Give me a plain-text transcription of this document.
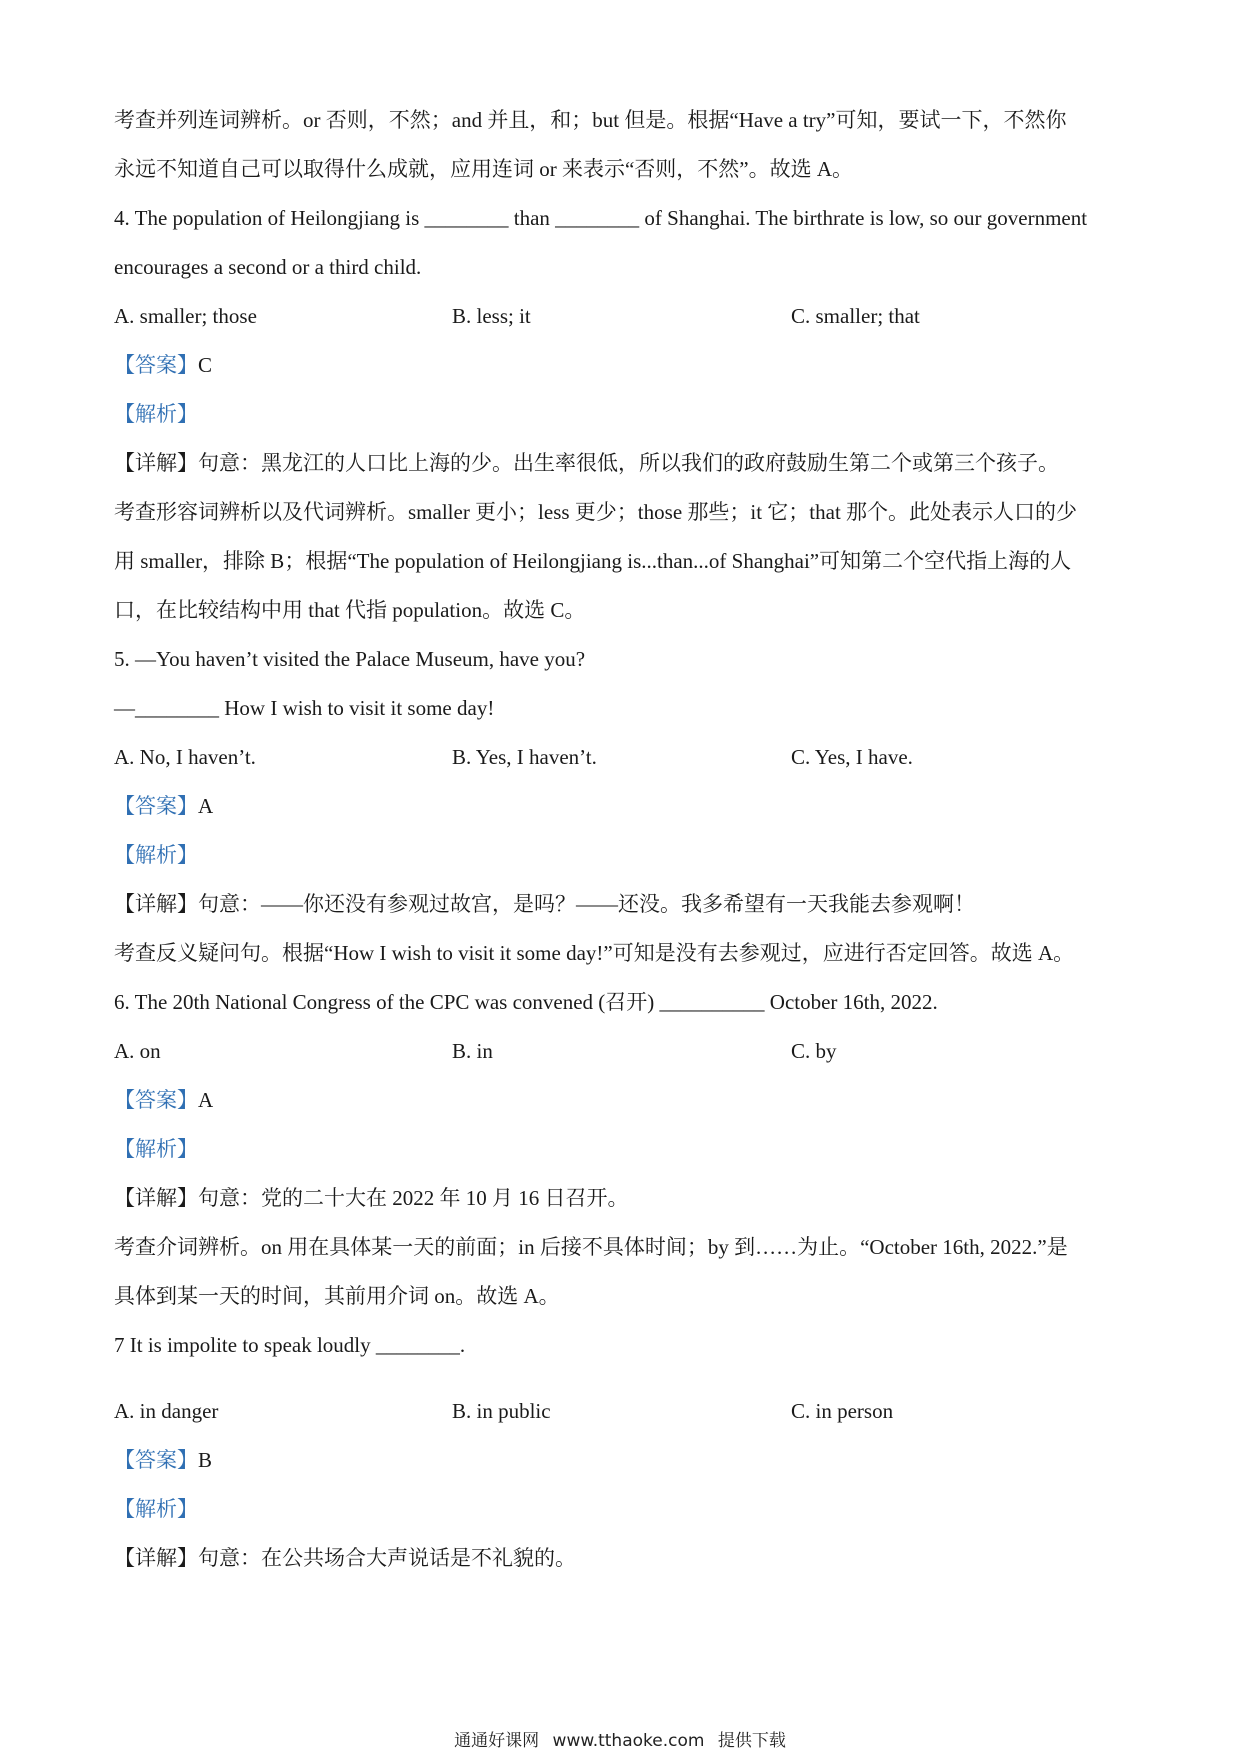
考查并列连词辨析。or 否则，不然；and 并且，和；but 但是。根据“Have a try”可知，要试一下，不然你
永远不知道自己可以取得什么成就，应用连词 or 来表示“否则，不然”。故选 A。
4. The population of Heilongjiang is ________ than ________ of Shanghai. The birthrate is low, so our government
encourages a second or a third child.
A. smaller; those	B. less; it	C. smaller; that
【答案】C
【解析】
【详解】句意：黑龙江的人口比上海的少。出生率很低，所以我们的政府鼓励生第二个或第三个孩子。
考查形容词辨析以及代词辨析。smaller 更小；less 更少；those 那些；it 它；that 那个。此处表示人口的少
用 smaller，排除 B；根据“The population of Heilongjiang is...than...of Shanghai”可知第二个空代指上海的人
口，在比较结构中用 that 代指 population。故选 C。
5. —You haven’t visited the Palace Museum, have you?
—________ How I wish to visit it some day!
A. No, I haven’t.	B. Yes, I haven’t.	C. Yes, I have.
【答案】A
【解析】
【详解】句意：——你还没有参观过故宫，是吗？——还没。我多希望有一天我能去参观啊！
考查反义疑问句。根据“How I wish to visit it some day!”可知是没有去参观过，应进行否定回答。故选 A。
6. The 20th National Congress of the CPC was convened (召开) __________ October 16th, 2022.
A. on	B. in	C. by
【答案】A
【解析】
【详解】句意：党的二十大在 2022 年 10 月 16 日召开。
考查介词辨析。on 用在具体某一天的前面；in 后接不具体时间；by 到……为止。“October 16th, 2022.”是
具体到某一天的时间，其前用介词 on。故选 A。
7 It is impolite to speak loudly ________.
A. in danger	B. in public	C. in person
【答案】B
【解析】
【详解】句意：在公共场合大声说话是不礼貌的。
通通好课网 www.tthaoke.com 提供下载
